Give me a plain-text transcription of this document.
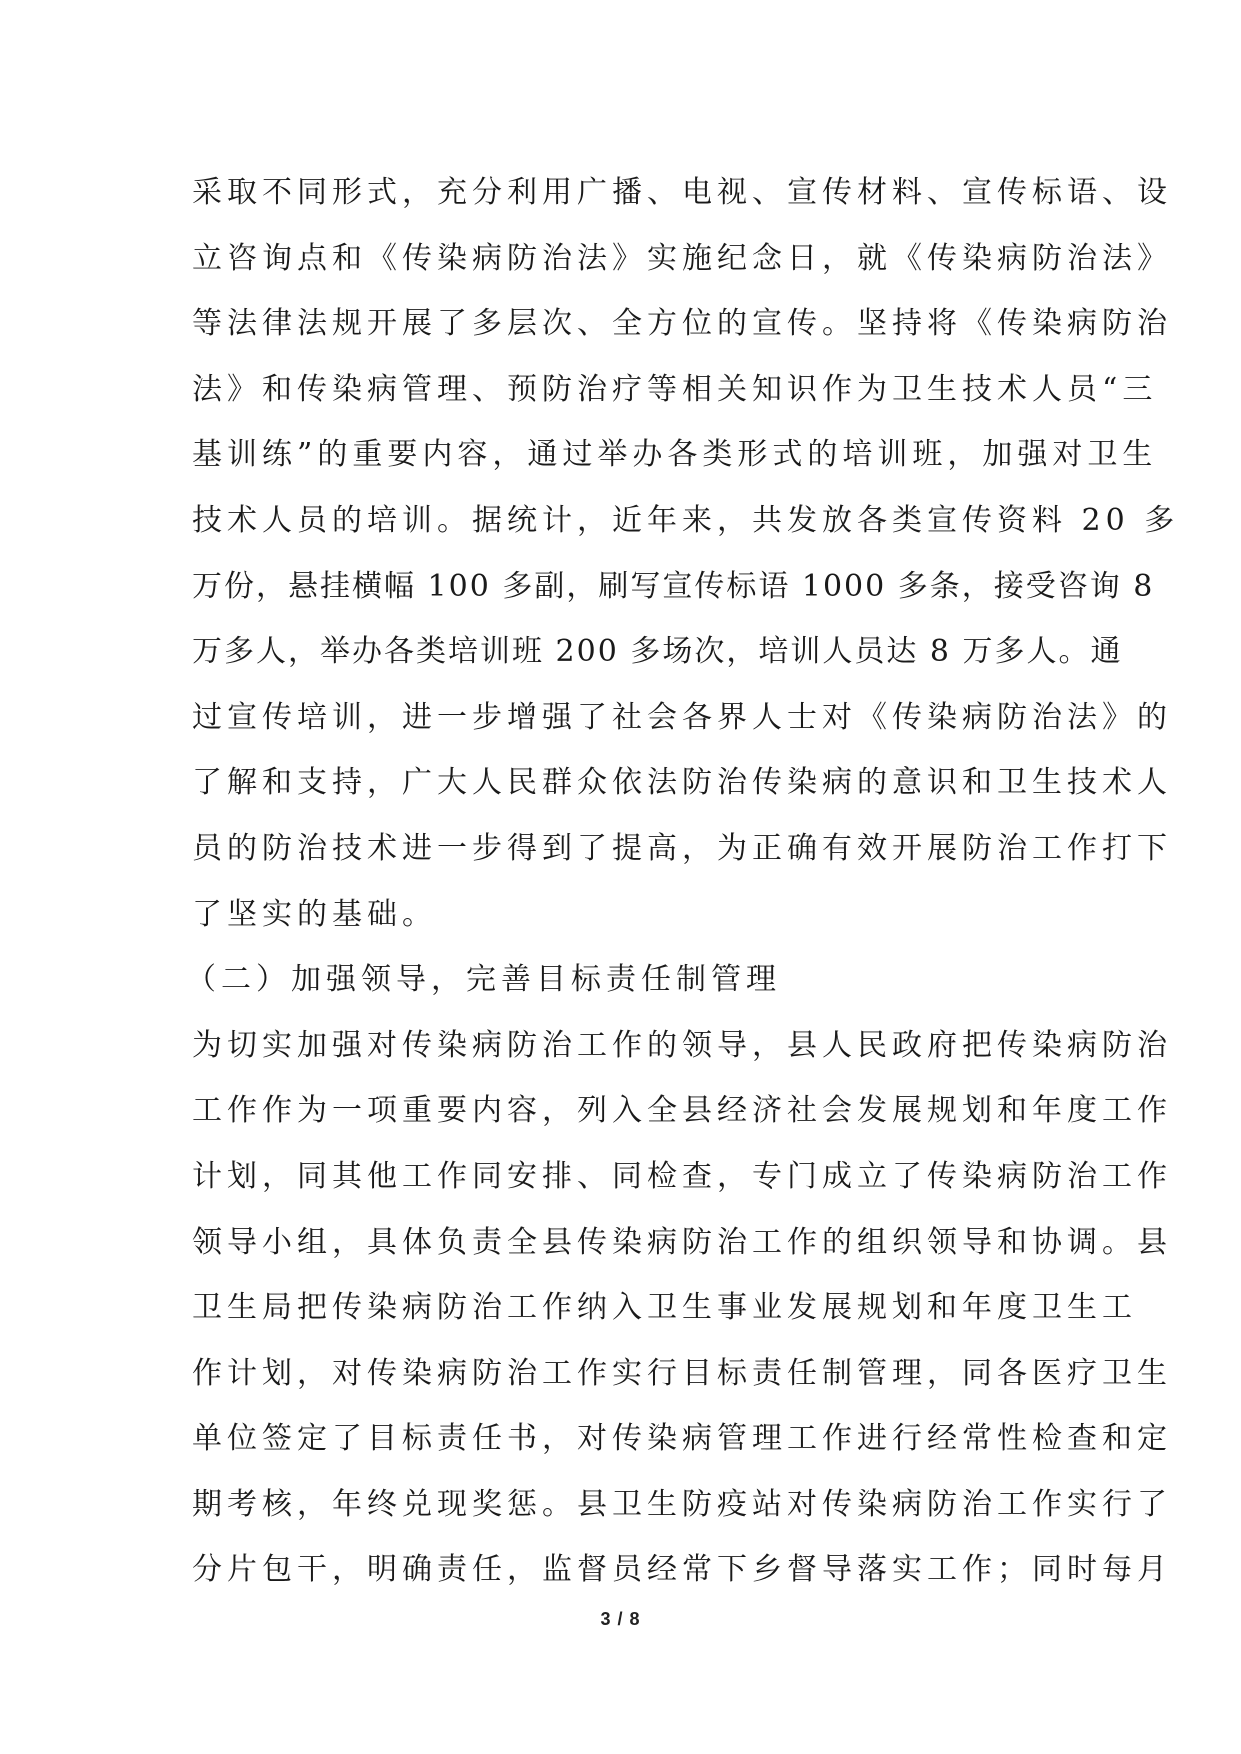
采取不同形式，充分利用广播、电视、宣传材料、宣传标语、设
立咨询点和《传染病防治法》实施纪念日，就《传染病防治法》
等法律法规开展了多层次、全方位的宣传。坚持将《传染病防治
法》和传染病管理、预防治疗等相关知识作为卫生技术人员“三
基训练”的重要内容，通过举办各类形式的培训班，加强对卫生
技术人员的培训。据统计，近年来，共发放各类宣传资料 20 多
万份，悬挂横幅 100 多副，刷写宣传标语 1000 多条，接受咨询 8
万多人，举办各类培训班 200 多场次，培训人员达 8 万多人。通
过宣传培训，进一步增强了社会各界人士对《传染病防治法》的
了解和支持，广大人民群众依法防治传染病的意识和卫生技术人
员的防治技术进一步得到了提高，为正确有效开展防治工作打下
了坚实的基础。
（二）加强领导，完善目标责任制管理
为切实加强对传染病防治工作的领导，县人民政府把传染病防治
工作作为一项重要内容，列入全县经济社会发展规划和年度工作
计划，同其他工作同安排、同检查，专门成立了传染病防治工作
领导小组，具体负责全县传染病防治工作的组织领导和协调。县
卫生局把传染病防治工作纳入卫生事业发展规划和年度卫生工
作计划，对传染病防治工作实行目标责任制管理，同各医疗卫生
单位签定了目标责任书，对传染病管理工作进行经常性检查和定
期考核，年终兑现奖惩。县卫生防疫站对传染病防治工作实行了
分片包干，明确责任，监督员经常下乡督导落实工作；同时每月
3 / 8
